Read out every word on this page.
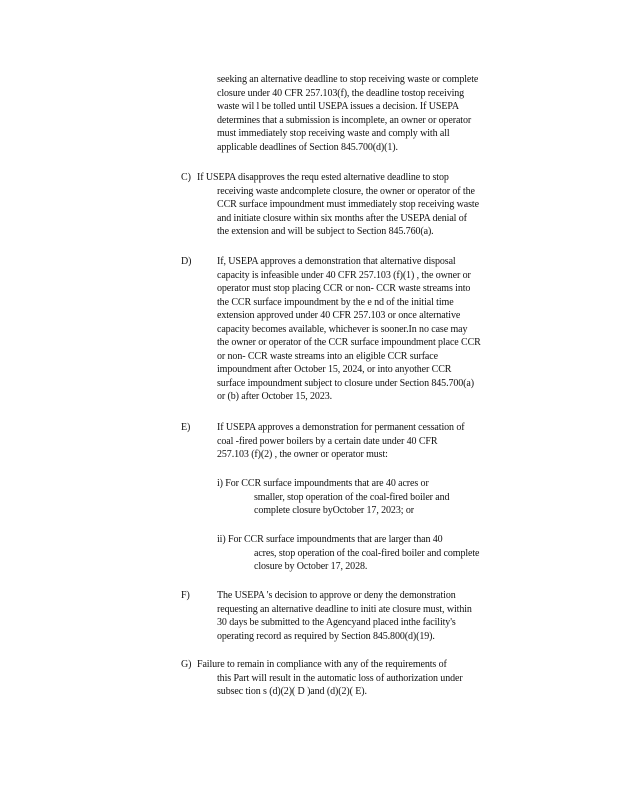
seeking an alternative deadline to stop receiving waste or complete
closure under 40 CFR 257.103(f), the deadline tostop receiving
waste wil l be tolled until USEPA issues a decision. If USEPA
determines that a submission is incomplete, an owner or operator
must immediately stop receiving waste and comply with all
applicable deadlines of Section 845.700(d)(1).
C) If USEPA disapproves the requ ested alternative deadline to stop
receiving waste andcomplete closure, the owner or operator of the
CCR surface impoundment must immediately stop receiving waste
and initiate closure within six months after the USEPA denial of
the extension and will be subject to Section 845.760(a).
D)	If, USEPA approves a demonstration that alternative disposal
capacity is infeasible under 40 CFR 257.103 (f)(1) , the owner or
operator must stop placing CCR or non- CCR waste streams into
the CCR surface impoundment by the e nd of the initial time
extension approved under 40 CFR 257.103 or once alternative
capacity becomes available, whichever is sooner.In no case may
the owner or operator of the CCR surface impoundment place CCR
or non- CCR waste streams into an eligible CCR surface
impoundment after October 15, 2024, or into anyother CCR
surface impoundment subject to closure under Section 845.700(a)
or (b) after October 15, 2023.
E)	If USEPA approves a demonstration for permanent cessation of
coal -fired power boilers by a certain date under 40 CFR
257.103 (f)(2) , the owner or operator must:
i) For CCR surface impoundments that are 40 acres or
smaller, stop operation of the coal-fired boiler and
complete closure byOctober 17, 2023; or
ii) For CCR surface impoundments that are larger than 40
acres, stop operation of the coal-fired boiler and complete
closure by October 17, 2028.
F)	The USEPA 's decision to approve or deny the demonstration
requesting an alternative deadline to initi ate closure must, within
30 days be submitted to the Agencyand placed inthe facility's
operating record as required by Section 845.800(d)(19).
G) Failure to remain in compliance with any of the requirements of
this Part will result in the automatic loss of authorization under
subsec tion s (d)(2)( D )and (d)(2)( E).
